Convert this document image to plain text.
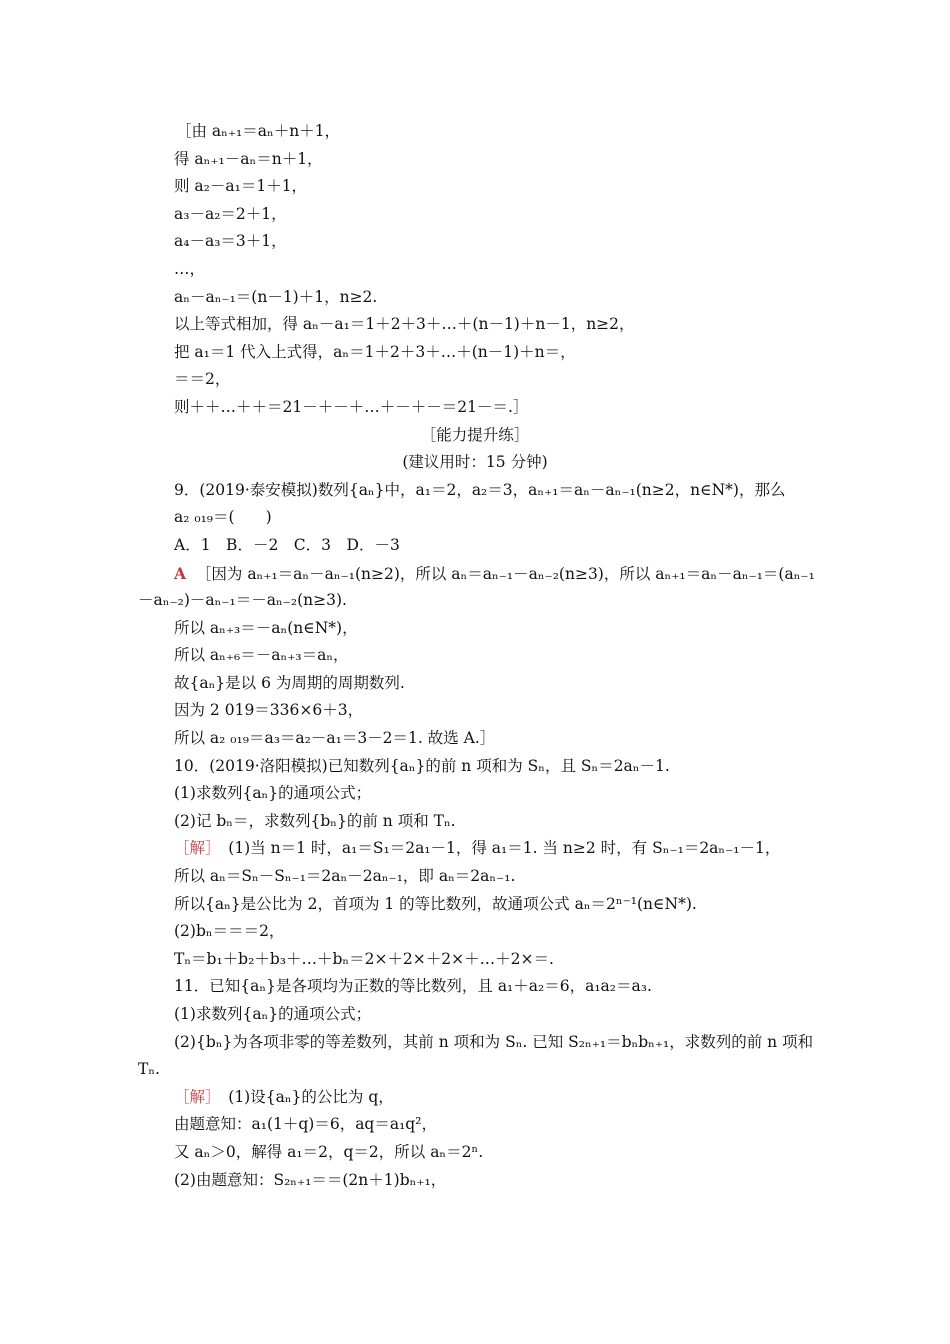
［由 aₙ₊₁＝aₙ＋n＋1，
得 aₙ₊₁－aₙ＝n＋1，
则 a₂－a₁＝1＋1，
a₃－a₂＝2＋1，
a₄－a₃＝3＋1，
…，
aₙ－aₙ₋₁＝(n－1)＋1，n≥2.
以上等式相加，得 aₙ－a₁＝1＋2＋3＋…＋(n－1)＋n－1，n≥2，
把 a₁＝1 代入上式得，aₙ＝1＋2＋3＋…＋(n－1)＋n＝，
＝＝2，
则＋＋…＋＋＝21－＋－＋…＋－＋－＝21－＝.］
［能力提升练］
(建议用时：15 分钟)
9．(2019·泰安模拟)数列{aₙ}中，a₁＝2，a₂＝3，aₙ₊₁＝aₙ－aₙ₋₁(n≥2，n∈N*)，那么
a₂ ₀₁₉＝(　　)
A．1　B．－2　C．3　D．－3
A ［因为 aₙ₊₁＝aₙ－aₙ₋₁(n≥2)，所以 aₙ＝aₙ₋₁－aₙ₋₂(n≥3)，所以 aₙ₊₁＝aₙ－aₙ₋₁＝(aₙ₋₁
－aₙ₋₂)－aₙ₋₁＝－aₙ₋₂(n≥3).
所以 aₙ₊₃＝－aₙ(n∈N*)，
所以 aₙ₊₆＝－aₙ₊₃＝aₙ，
故{aₙ}是以 6 为周期的周期数列.
因为 2 019＝336×6＋3，
所以 a₂ ₀₁₉＝a₃＝a₂－a₁＝3－2＝1. 故选 A.］
10．(2019·洛阳模拟)已知数列{aₙ}的前 n 项和为 Sₙ，且 Sₙ＝2aₙ－1.
(1)求数列{aₙ}的通项公式；
(2)记 bₙ＝，求数列{bₙ}的前 n 项和 Tₙ.
［解］　(1)当 n＝1 时，a₁＝S₁＝2a₁－1，得 a₁＝1. 当 n≥2 时，有 Sₙ₋₁＝2aₙ₋₁－1，
所以 aₙ＝Sₙ－Sₙ₋₁＝2aₙ－2aₙ₋₁，即 aₙ＝2aₙ₋₁.
所以{aₙ}是公比为 2，首项为 1 的等比数列，故通项公式 aₙ＝2ⁿ⁻¹(n∈N*).
(2)bₙ＝＝＝2，
Tₙ＝b₁＋b₂＋b₃＋…＋bₙ＝2×＋2×＋2×＋…＋2×＝.
11．已知{aₙ}是各项均为正数的等比数列，且 a₁＋a₂＝6，a₁a₂＝a₃.
(1)求数列{aₙ}的通项公式；
(2){bₙ}为各项非零的等差数列，其前 n 项和为 Sₙ. 已知 S₂ₙ₊₁＝bₙbₙ₊₁，求数列的前 n 项和
Tₙ.
［解］　(1)设{aₙ}的公比为 q，
由题意知：a₁(1＋q)＝6，aq＝a₁q²，
又 aₙ＞0，解得 a₁＝2，q＝2，所以 aₙ＝2ⁿ.
(2)由题意知：S₂ₙ₊₁＝＝(2n＋1)bₙ₊₁，
